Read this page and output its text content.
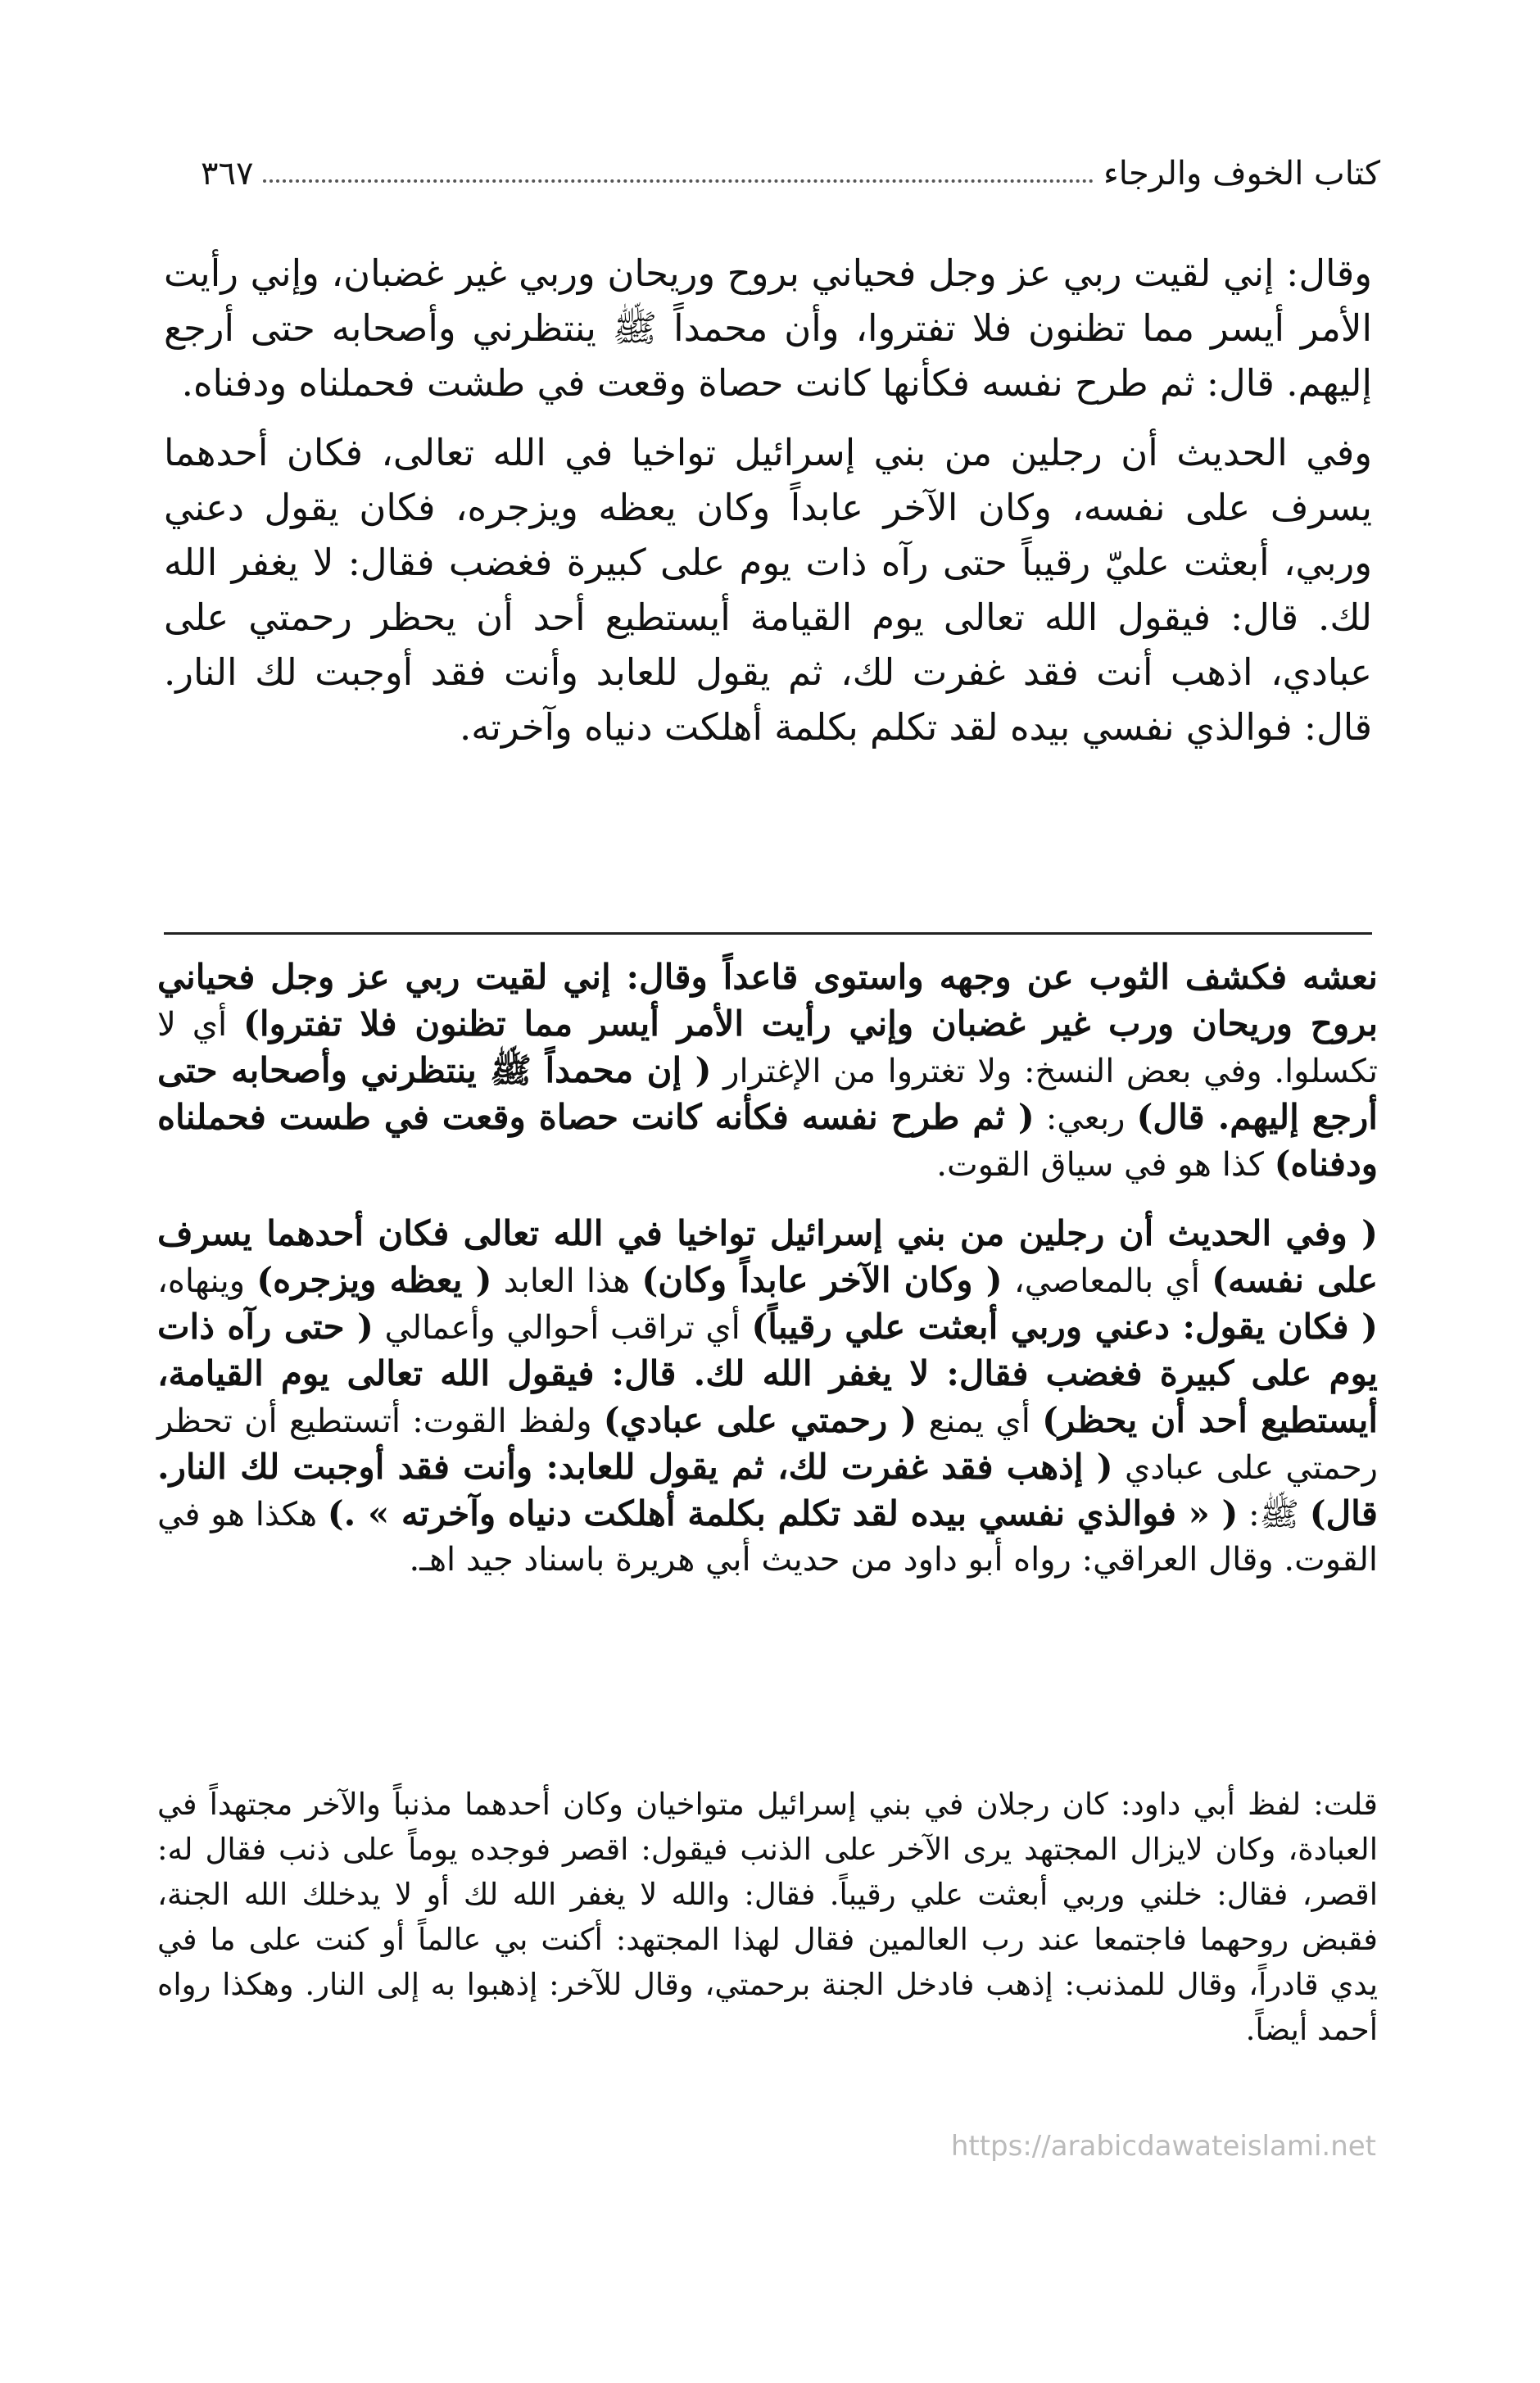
كتاب الخوف والرجاء
٣٦٧

وقال: إني لقيت ربي عز وجل فحياني بروح وريحان وربي غير غضبان، وإني رأيت الأمر أيسر مما تظنون فلا تفتروا، وأن محمداً ﷺ ينتظرني وأصحابه حتى أرجع إليهم. قال: ثم طرح نفسه فكأنها كانت حصاة وقعت في طشت فحملناه ودفناه.

وفي الحديث أن رجلين من بني إسرائيل تواخيا في الله تعالى، فكان أحدهما يسرف على نفسه، وكان الآخر عابداً وكان يعظه ويزجره، فكان يقول دعني وربي، أبعثت عليّ رقيباً حتى رآه ذات يوم على كبيرة فغضب فقال: لا يغفر الله لك. قال: فيقول الله تعالى يوم القيامة أيستطيع أحد أن يحظر رحمتي على عبادي، اذهب أنت فقد غفرت لك، ثم يقول للعابد وأنت فقد أوجبت لك النار. قال: فوالذي نفسي بيده لقد تكلم بكلمة أهلكت دنياه وآخرته.

نعشه فكشف الثوب عن وجهه واستوى قاعداً وقال: إني لقيت ربي عز وجل فحياني بروح وريحان ورب غير غضبان وإني رأيت الأمر أيسر مما تظنون فلا تفتروا) أي لا تكسلوا. وفي بعض النسخ: ولا تغتروا من الإغترار ( إن محمداً ﷺ ينتظرني وأصحابه حتى أرجع إليهم. قال) ربعي: ( ثم طرح نفسه فكأنه كانت حصاة وقعت في طست فحملناه ودفناه) كذا هو في سياق القوت.

( وفي الحديث أن رجلين من بني إسرائيل تواخيا في الله تعالى فكان أحدهما يسرف على نفسه) أي بالمعاصي، ( وكان الآخر عابداً وكان) هذا العابد ( يعظه ويزجره) وينهاه، ( فكان يقول: دعني وربي أبعثت علي رقيباً) أي تراقب أحوالي وأعمالي ( حتى رآه ذات يوم على كبيرة فغضب فقال: لا يغفر الله لك. قال: فيقول الله تعالى يوم القيامة، أيستطيع أحد أن يحظر) أي يمنع ( رحمتي على عبادي) ولفظ القوت: أتستطيع أن تحظر رحمتي على عبادي ( إذهب فقد غفرت لك، ثم يقول للعابد: وأنت فقد أوجبت لك النار. قال) ﷺ: ( « فوالذي نفسي بيده لقد تكلم بكلمة أهلكت دنياه وآخرته » .) هكذا هو في القوت. وقال العراقي: رواه أبو داود من حديث أبي هريرة باسناد جيد اهـ.

قلت: لفظ أبي داود: كان رجلان في بني إسرائيل متواخيان وكان أحدهما مذنباً والآخر مجتهداً في العبادة، وكان لايزال المجتهد يرى الآخر على الذنب فيقول: اقصر فوجده يوماً على ذنب فقال له: اقصر، فقال: خلني وربي أبعثت علي رقيباً. فقال: والله لا يغفر الله لك أو لا يدخلك الله الجنة، فقبض روحهما فاجتمعا عند رب العالمين فقال لهذا المجتهد: أكنت بي عالماً أو كنت على ما في يدي قادراً، وقال للمذنب: إذهب فادخل الجنة برحمتي، وقال للآخر: إذهبوا به إلى النار. وهكذا رواه أحمد أيضاً.

https://arabicdawateislami.net
